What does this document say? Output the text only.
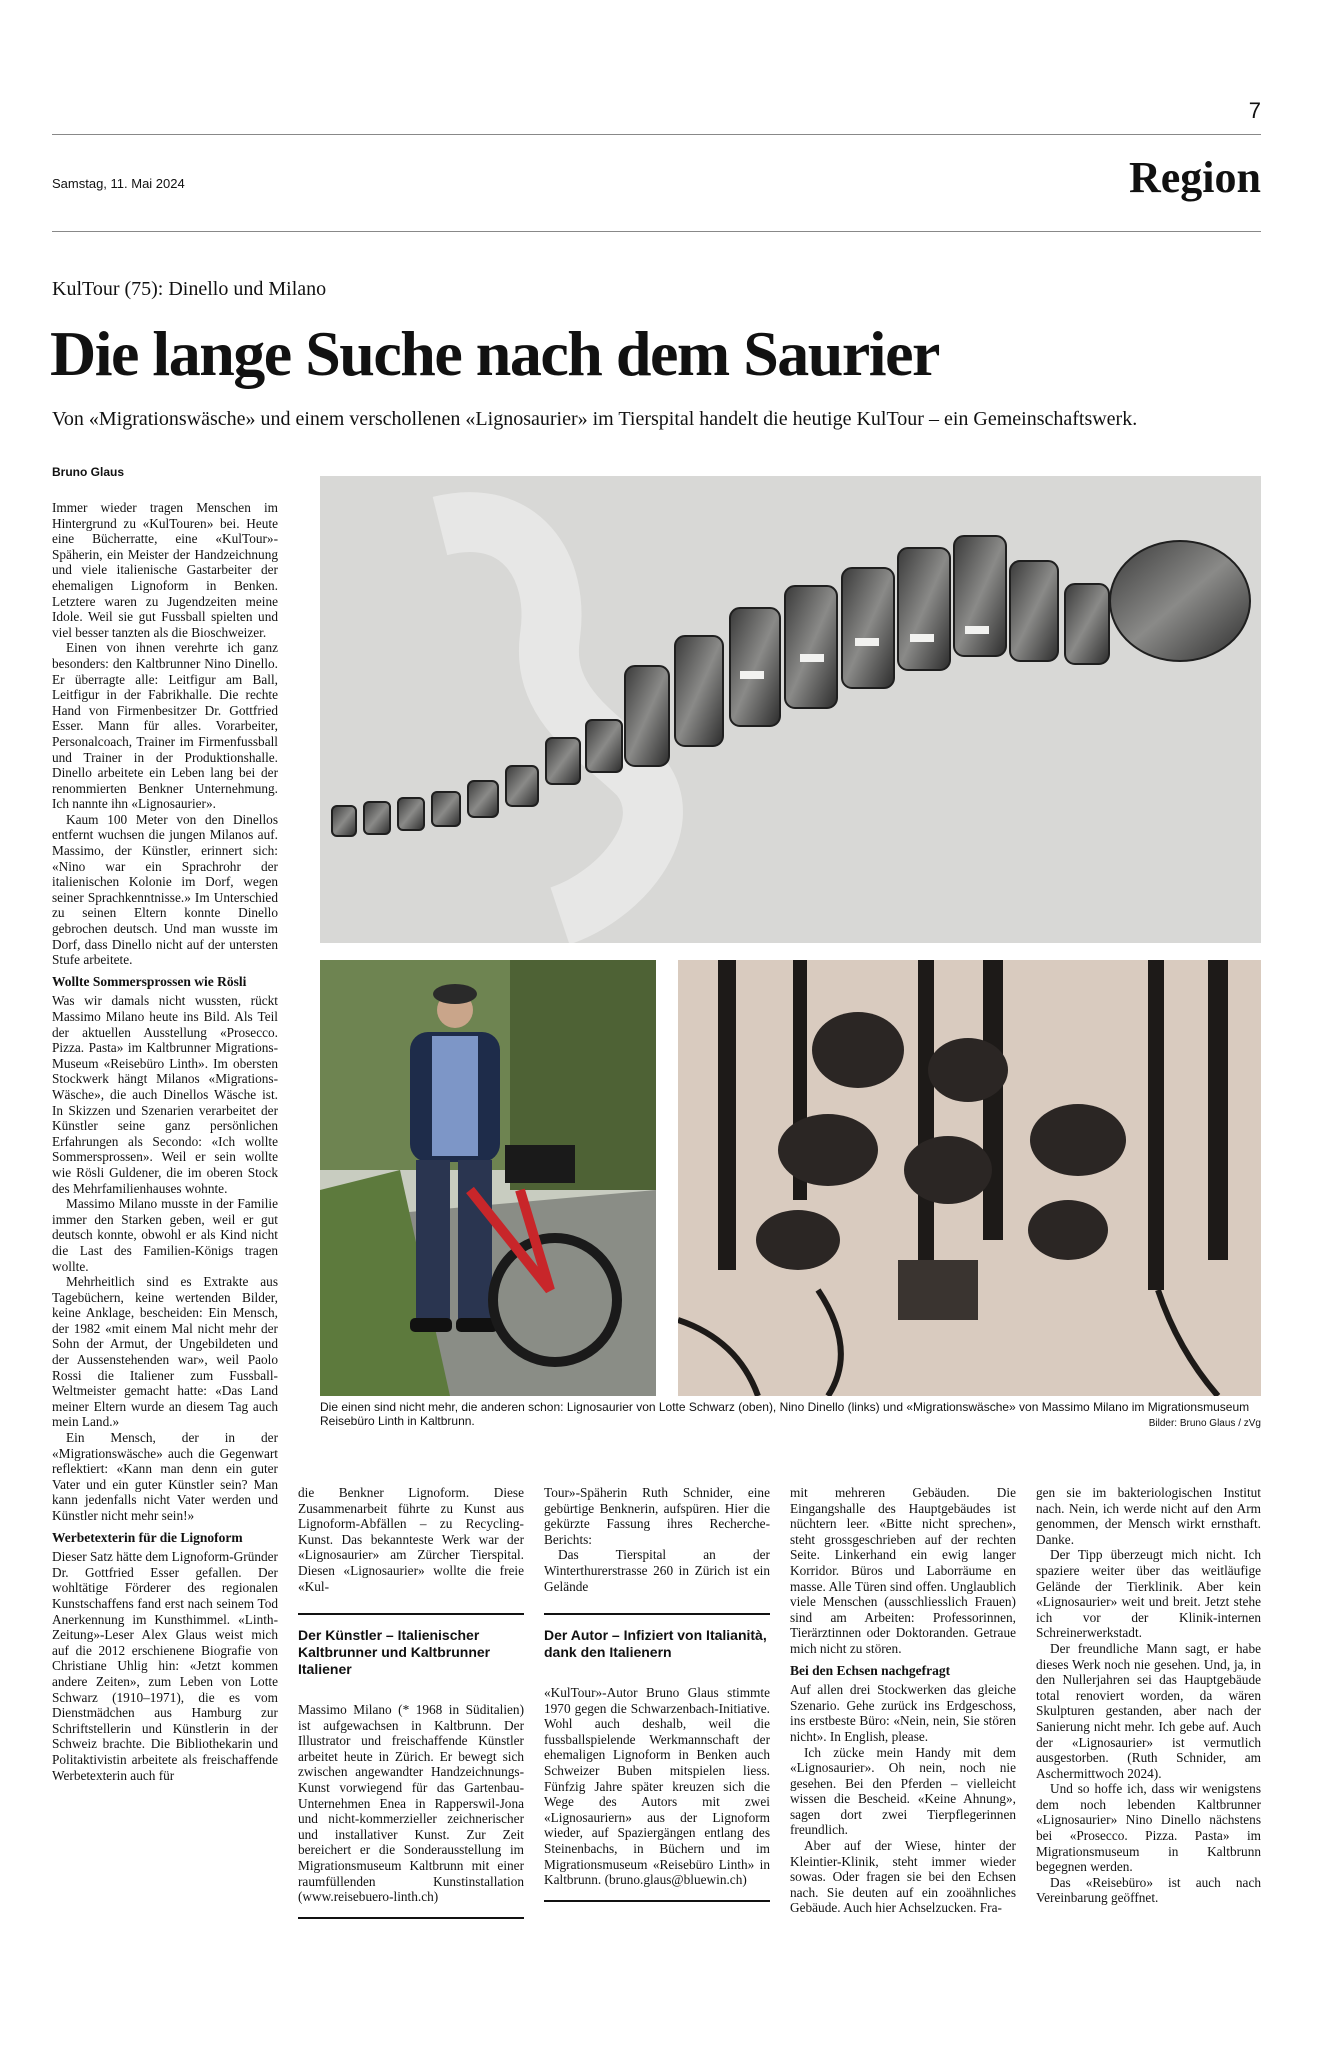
7
Samstag, 11. Mai 2024	Region
KulTour (75): Dinello und Milano
Die lange Suche nach dem Saurier
Von «Migrationswäsche» und einem verschollenen «Lignosaurier» im Tierspital handelt die heutige KulTour – ein Gemeinschaftswerk.
Bruno Glaus

Immer wieder tragen Menschen im Hintergrund zu «KulTouren» bei. Heute eine Bücherratte, eine «KulTour»-Späherin, ein Meister der Handzeichnung und viele italienische Gastarbeiter der ehemaligen Lignoform in Benken. Letztere waren zu Jugendzeiten meine Idole. Weil sie gut Fussball spielten und viel besser tanzten als die Bioschweizer.

Einen von ihnen verehrte ich ganz besonders: den Kaltbrunner Nino Dinello. Er überragte alle: Leitfigur am Ball, Leitfigur in der Fabrikhalle. Die rechte Hand von Firmenbesitzer Dr. Gottfried Esser. Mann für alles. Vorarbeiter, Personalcoach, Trainer im Firmenfussball und Trainer in der Produktionshalle. Dinello arbeitete ein Leben lang bei der renommierten Benkner Unternehmung. Ich nannte ihn «Lignosaurier».

Kaum 100 Meter von den Dinellos entfernt wuchsen die jungen Milanos auf. Massimo, der Künstler, erinnert sich: «Nino war ein Sprachrohr der italienischen Kolonie im Dorf, wegen seiner Sprachkenntnisse.» Im Unterschied zu seinen Eltern konnte Dinello gebrochen deutsch. Und man wusste im Dorf, dass Dinello nicht auf der untersten Stufe arbeitete.

Wollte Sommersprossen wie Rösli

Was wir damals nicht wussten, rückt Massimo Milano heute ins Bild. Als Teil der aktuellen Ausstellung «Prosecco. Pizza. Pasta» im Kaltbrunner Migrations-Museum «Reisebüro Linth». Im obersten Stockwerk hängt Milanos «Migrations-Wäsche», die auch Dinellos Wäsche ist. In Skizzen und Szenarien verarbeitet der Künstler seine ganz persönlichen Erfahrungen als Secondo: «Ich wollte Sommersprossen». Weil er sein wollte wie Rösli Guldener, die im oberen Stock des Mehrfamilienhauses wohnte.

Massimo Milano musste in der Familie immer den Starken geben, weil er gut deutsch konnte, obwohl er als Kind nicht die Last des Familien-Königs tragen wollte.

Mehrheitlich sind es Extrakte aus Tagebüchern, keine wertenden Bilder, keine Anklage, bescheiden: Ein Mensch, der 1982 «mit einem Mal nicht mehr der Sohn der Armut, der Ungebildeten und der Aussenstehenden war», weil Paolo Rossi die Italiener zum Fussball-Weltmeister gemacht hatte: «Das Land meiner Eltern wurde an diesem Tag auch mein Land.»

Ein Mensch, der in der «Migrationswäsche» auch die Gegenwart reflektiert: «Kann man denn ein guter Vater und ein guter Künstler sein? Man kann jedenfalls nicht Vater werden und Künstler nicht mehr sein!»

Werbetexterin für die Lignoform

Dieser Satz hätte dem Lignoform-Gründer Dr. Gottfried Esser gefallen. Der wohltätige Förderer des regionalen Kunstschaffens fand erst nach seinem Tod Anerkennung im Kunsthimmel. «Linth-Zeitung»-Leser Alex Glaus weist mich auf die 2012 erschienene Biografie von Christiane Uhlig hin: «Jetzt kommen andere Zeiten», zum Leben von Lotte Schwarz (1910–1971), die es vom Dienstmädchen aus Hamburg zur Schriftstellerin und Künstlerin in der Schweiz brachte. Die Bibliothekarin und Politaktivistin arbeitete als freischaffende Werbetexterin auch für

Die einen sind nicht mehr, die anderen schon: Lignosaurier von Lotte Schwarz (oben), Nino Dinello (links) und «Migrationswäsche» von Massimo Milano im Migrationsmuseum Reisebüro Linth in Kaltbrunn.	Bilder: Bruno Glaus / zVg

die Benkner Lignoform. Diese Zusammenarbeit führte zu Kunst aus Lignoform-Abfällen – zu Recycling-Kunst. Das bekannteste Werk war der «Lignosaurier» am Zürcher Tierspital. Diesen «Lignosaurier» wollte die freie «Kul-

Tour»-Späherin Ruth Schnider, eine gebürtige Benknerin, aufspüren. Hier die gekürzte Fassung ihres Recherche-Berichts:

Das Tierspital an der Winterthurerstrasse 260 in Zürich ist ein Gelände

mit mehreren Gebäuden. Die Eingangshalle des Hauptgebäudes ist nüchtern leer. «Bitte nicht sprechen», steht grossgeschrieben auf der rechten Seite. Linkerhand ein ewig langer Korridor. Büros und Laborräume en masse. Alle Türen sind offen. Unglaublich viele Menschen (ausschliesslich Frauen) sind am Arbeiten: Professorinnen, Tierärztinnen oder Doktoranden. Getraue mich nicht zu stören.

Bei den Echsen nachgefragt

Auf allen drei Stockwerken das gleiche Szenario. Gehe zurück ins Erdgeschoss, ins erstbeste Büro: «Nein, nein, Sie stören nicht». In English, please.

Ich zücke mein Handy mit dem «Lignosaurier». Oh nein, noch nie gesehen. Bei den Pferden – vielleicht wissen die Bescheid. «Keine Ahnung», sagen dort zwei Tierpflegerinnen freundlich.

Aber auf der Wiese, hinter der Kleintier-Klinik, steht immer wieder sowas. Oder fragen sie bei den Echsen nach. Sie deuten auf ein zooähnliches Gebäude. Auch hier Achselzucken. Fra-

gen sie im bakteriologischen Institut nach. Nein, ich werde nicht auf den Arm genommen, der Mensch wirkt ernsthaft. Danke.

Der Tipp überzeugt mich nicht. Ich spaziere weiter über das weitläufige Gelände der Tierklinik. Aber kein «Lignosaurier» weit und breit. Jetzt stehe ich vor der Klinik-internen Schreinerwerkstadt.

Der freundliche Mann sagt, er habe dieses Werk noch nie gesehen. Und, ja, in den Nullerjahren sei das Hauptgebäude total renoviert worden, da wären Skulpturen gestanden, aber nach der Sanierung nicht mehr. Ich gebe auf. Auch der «Lignosaurier» ist vermutlich ausgestorben. (Ruth Schnider, am Aschermittwoch 2024).

Und so hoffe ich, dass wir wenigstens dem noch lebenden Kaltbrunner «Lignosaurier» Nino Dinello nächstens bei «Prosecco. Pizza. Pasta» im Migrationsmuseum in Kaltbrunn begegnen werden.

Das «Reisebüro» ist auch nach Vereinbarung geöffnet.

Der Künstler – Italienischer Kaltbrunner und Kaltbrunner Italiener
Massimo Milano (* 1968 in Süditalien) ist aufgewachsen in Kaltbrunn. Der Illustrator und freischaffende Künstler arbeitet heute in Zürich. Er bewegt sich zwischen angewandter Handzeichnungs-Kunst vorwiegend für das Gartenbau-Unternehmen Enea in Rapperswil-Jona und nicht-kommerzieller zeichnerischer und installativer Kunst. Zur Zeit bereichert er die Sonderausstellung im Migrationsmuseum Kaltbrunn mit einer raumfüllenden Kunstinstallation (www.reisebuero-linth.ch)
Der Autor – Infiziert von Italianità, dank den Italienern
«KulTour»-Autor Bruno Glaus stimmte 1970 gegen die Schwarzenbach-Initiative. Wohl auch deshalb, weil die fussballspielende Werkmannschaft der ehemaligen Lignoform in Benken auch Schweizer Buben mitspielen liess. Fünfzig Jahre später kreuzen sich die Wege des Autors mit zwei «Lignosauriern» aus der Lignoform wieder, auf Spaziergängen entlang des Steinenbachs, in Büchern und im Migrationsmuseum «Reisebüro Linth» in Kaltbrunn. (bruno.glaus@bluewin.ch)
